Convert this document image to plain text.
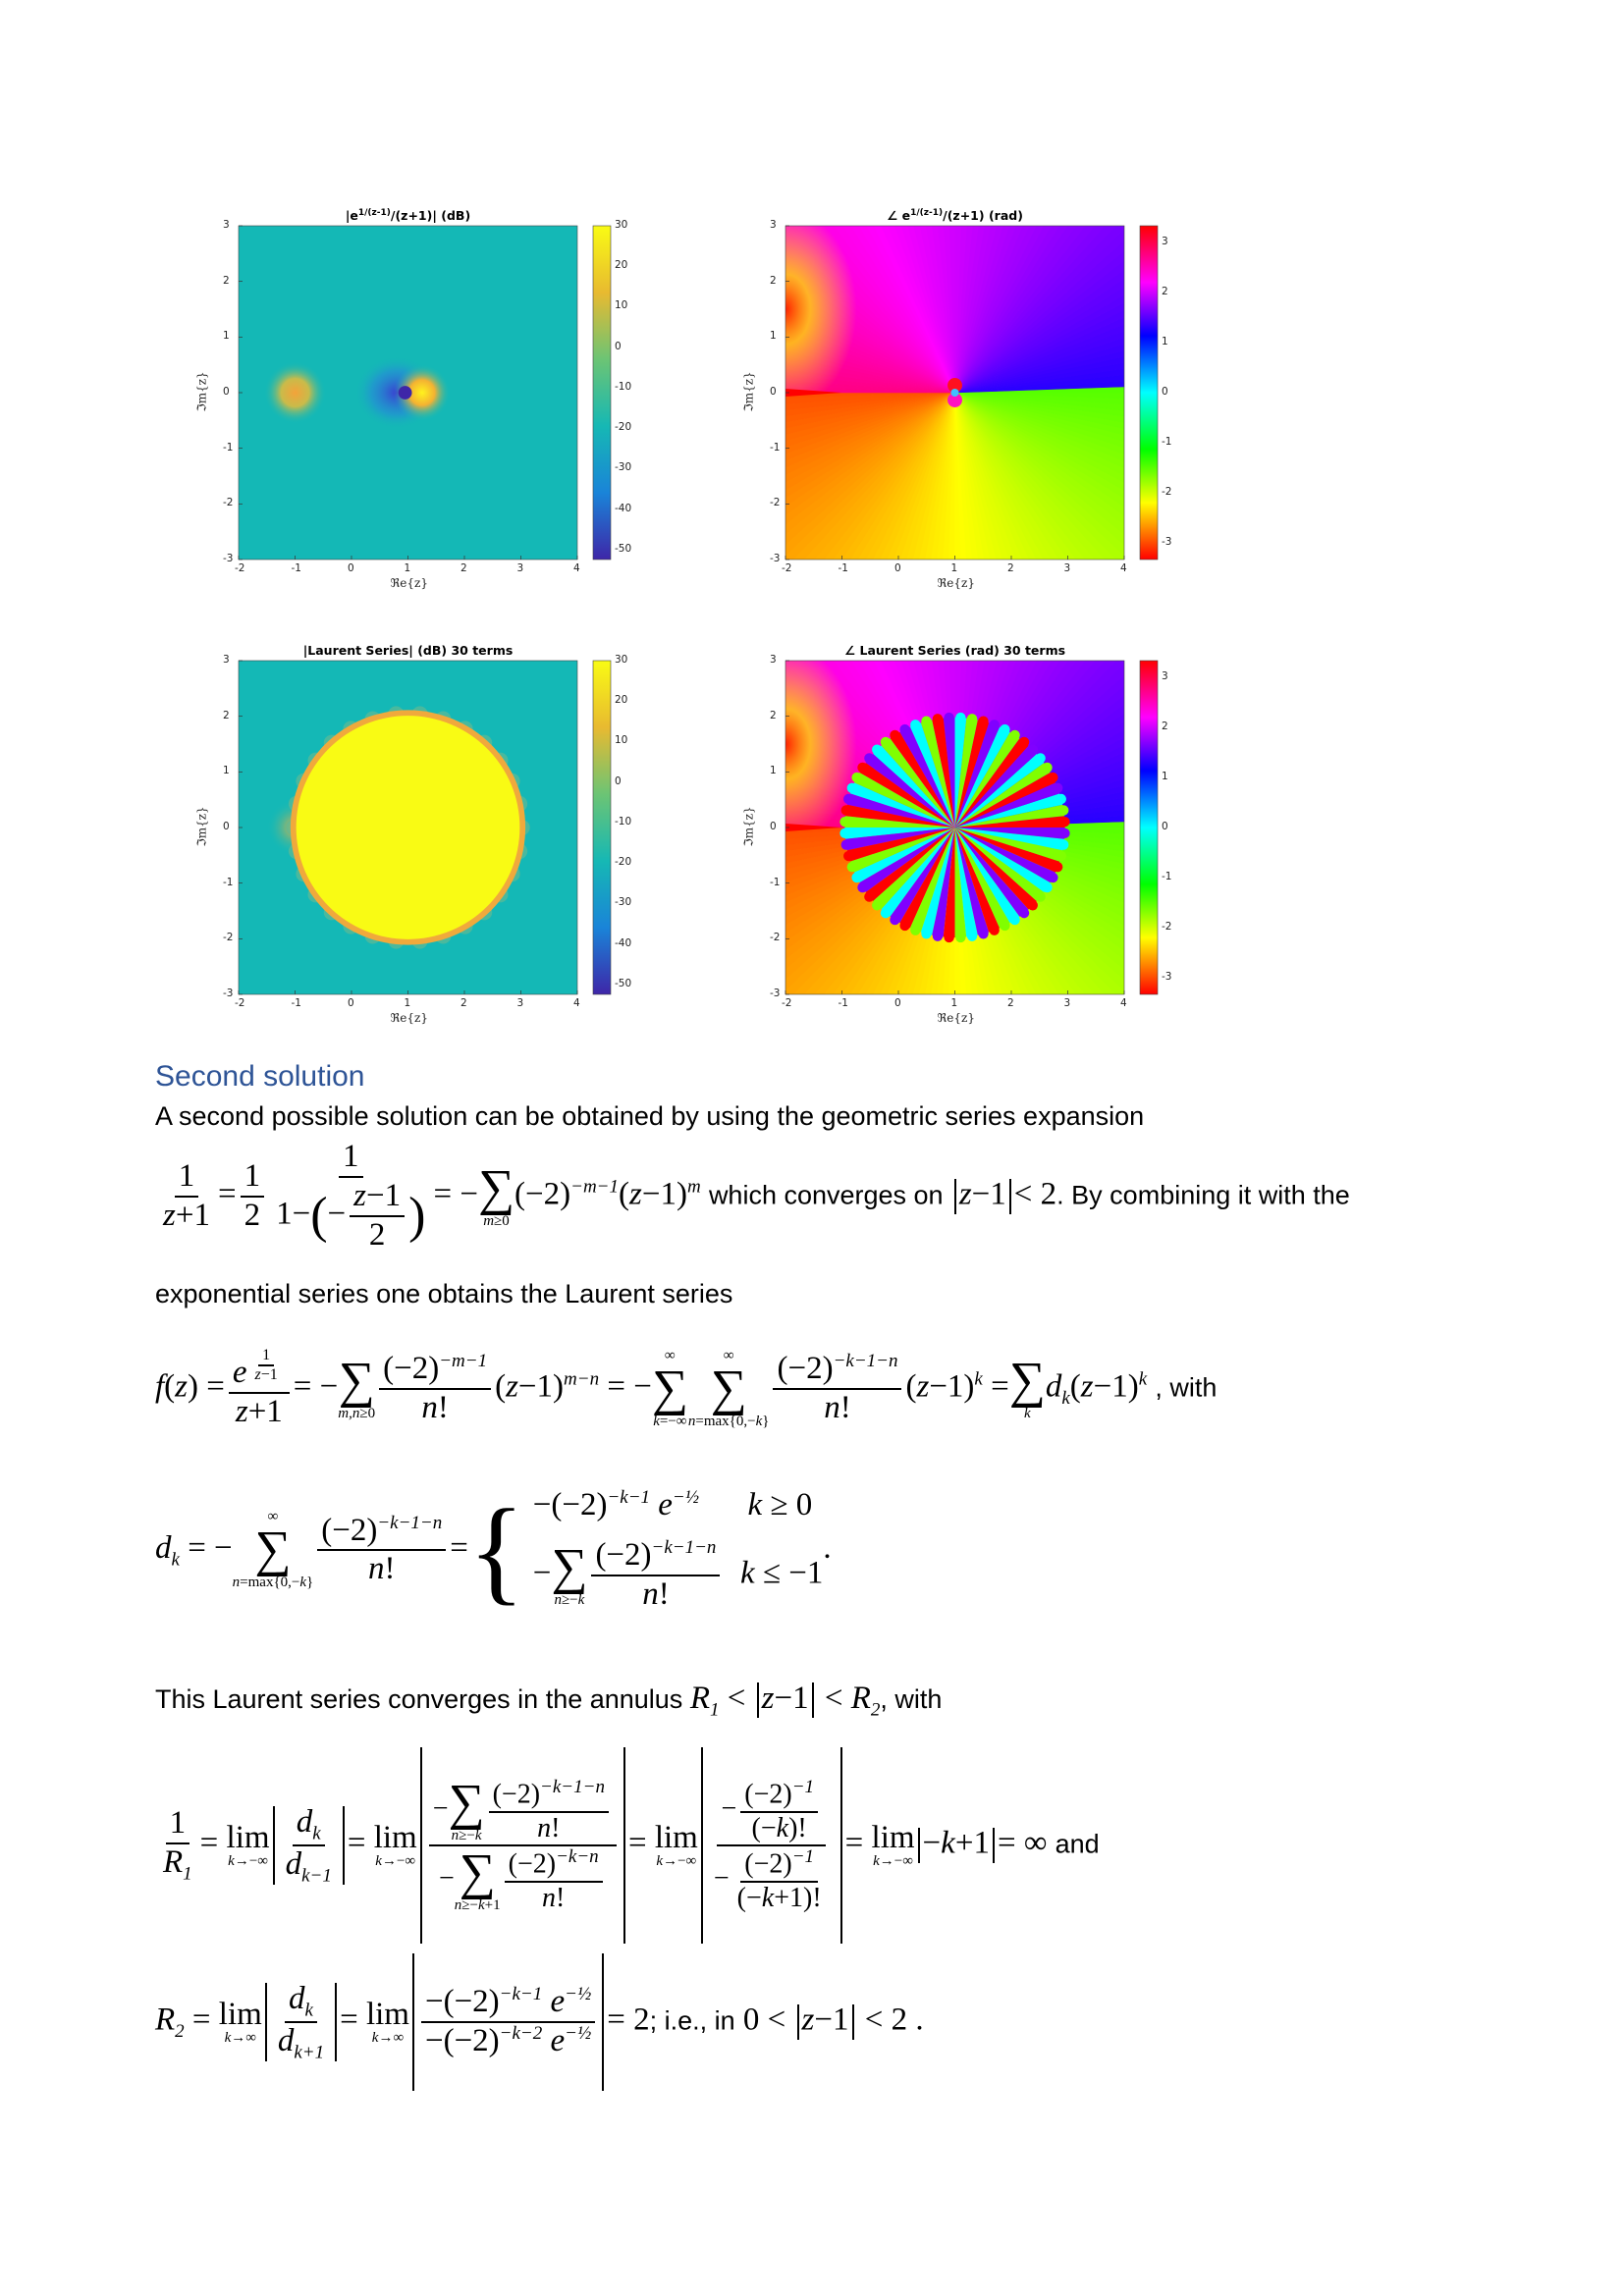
-2	-1	0	1	2	3	4
3
2
1
0
-1
-2
-3
ℜe{z}
ℑm{z}
$|e^{1/(z-1)}/(z+1)|$ (dB)
30
20
10
0
-10
-20
-30
-40
-50
-2	-1	0	1	2	3	4
3
2
1
0
-1
-2
-3
ℜe{z}
ℑm{z}
∠ $e^{1/(z-1)}/(z+1)$ (rad)
3
2
1
0
-1
-2
-3
-2	-1	0	1	2	3	4
3
2
1
0
-1
-2
-3
ℜe{z}
ℑm{z}
|Laurent Series| (dB) 30 terms
30
20
10
0
-10
-20
-30
-40
-50
-2	-1	0	1	2	3	4
3
2
1
0
-1
-2
-3
ℜe{z}
ℑm{z}
∠ Laurent Series (rad) 30 terms
3
2
1
0
-1
-2
-3
Second solution
A second possible solution can be obtained by using the geometric series expansion
$\frac{1}{z+1} = \frac{1}{2} \frac{1}{1-(- \frac{z-1}{2} )}$ = − ∑
m≥0
$(-2)^{-m-1}(z-1)^m$ which converges on z−1 < 2. By combining it with the
exponential series one obtains the Laurent series
f(z) = e $^{\frac{1}{z-1}}$
z+1 = − ∑
$m,n\ge 0 \frac{(-2)^{-m-1}}{n!} (z-1)^{m-n}$ = −
∞
∑
k=−∞
∞
∑
$n=\max\{0,-k\} \frac{(-2)^{-k-1-n}}{n!} (z-1)^k$ = ∑
k
$d_k(z-1)^k$ , with
$d_k$ = −
∞
∑
$n=\max\{0,-k\} \frac{(-2)^{-k-1-n}}{n!}$ ={ $-(-2)^{-k-1}$ $e^{-\frac{1}{2}}$      k ≥ 0
− ∑
$n\ge-k \frac{(-2)^{-k-1-n}}{n!}$ k ≤ −1
.
This Laurent series converges in the annulus $R_1 < z-1 < R_2$, with
$\frac{1}{R_1} = \lim$
$k\to-\infty \frac{d_k}{d_{k-1}} = \lim$
k→−∞ − ∑
$n\ge-k \frac{(-2)^{-k-1-n}}{n!}$
− ∑
$n\ge-k+1 \frac{(-2)^{-k-n}}{n!} = \lim$
$k\to-\infty \frac{- \frac{(-2)^{-1}}{(-k)!}}{- \frac{(-2)^{-1}}{(-k+1)!}} = \lim$
k→−∞
−k+1 = ∞ and
$R_2 = \lim$
$k\to\infty \frac{d_k}{d_{k+1}} = \lim$
$k\to\infty \frac{-(-2)^{-k-1} e^{-\frac{1}{2}}}{-(-2)^{-k-2} e^{-\frac{1}{2}}} = 2$; i.e., in 0 < z−1 < 2 .
